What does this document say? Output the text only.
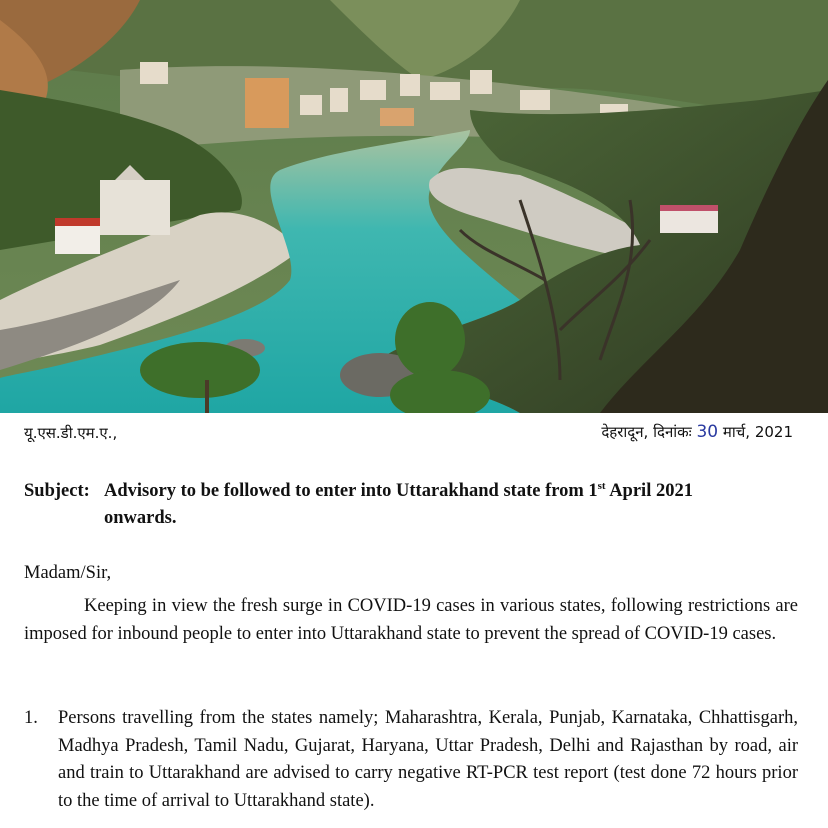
यू.एस.डी.एम.ए.,	देहरादून, दिनांकः 30 मार्च, 2021
Subject: Advisory to be followed to enter into Uttarakhand state from 1st April 2021
onwards.
Madam/Sir,
Keeping in view the fresh surge in COVID-19 cases in various states, following restrictions are imposed for inbound people to enter into Uttarakhand state to prevent the spread of COVID-19 cases.
1. Persons travelling from the states namely; Maharashtra, Kerala, Punjab, Karnataka, Chhattisgarh, Madhya Pradesh, Tamil Nadu, Gujarat, Haryana, Uttar Pradesh, Delhi and Rajasthan by road, air and train to Uttarakhand are advised to carry negative RT-PCR test report (test done 72 hours prior to the time of arrival to Uttarakhand state).
